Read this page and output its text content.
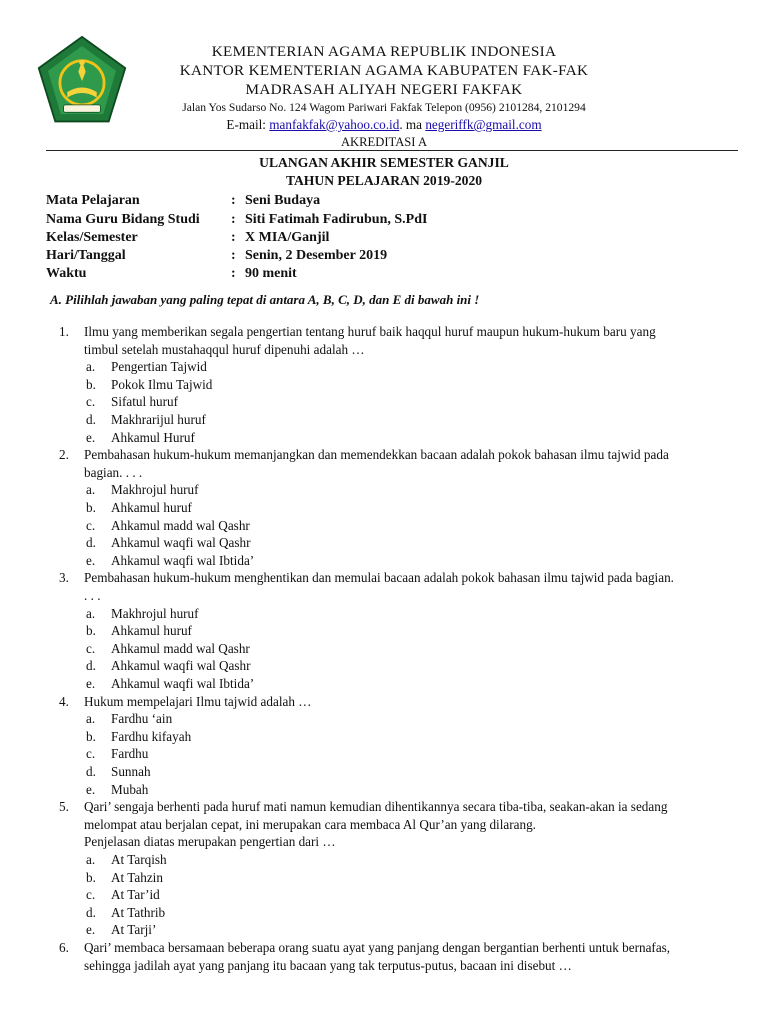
KEMENTERIAN AGAMA REPUBLIK INDONESIA
KANTOR KEMENTERIAN AGAMA KABUPATEN FAK-FAK
MADRASAH ALIYAH NEGERI FAKFAK
Jalan Yos Sudarso No. 124 Wagom Pariwari Fakfak Telepon (0956) 2101284, 2101294
E-mail: manfakfak@yahoo.co.id. ma negeriffk@gmail.com
AKREDITASI A
ULANGAN AKHIR SEMESTER GANJIL
TAHUN PELAJARAN 2019-2020
Mata Pelajaran	: Seni Budaya
Nama Guru Bidang Studi : Siti Fatimah Fadirubun, S.PdI
Kelas/Semester	: X MIA/Ganjil
Hari/Tanggal	: Senin, 2 Desember 2019
Waktu	: 90 menit
A. Pilihlah jawaban yang paling tepat di antara A, B, C, D, dan E di bawah ini !
1. Ilmu yang memberikan segala pengertian tentang huruf baik haqqul huruf maupun hukum-hukum baru yang
timbul setelah mustahaqqul huruf dipenuhi adalah …
a. Pengertian Tajwid
b. Pokok Ilmu Tajwid
c. Sifatul huruf
d. Makhrarijul huruf
e. Ahkamul Huruf
2. Pembahasan hukum-hukum memanjangkan dan memendekkan bacaan adalah pokok bahasan ilmu tajwid pada
bagian. . . .
a. Makhrojul huruf
b. Ahkamul huruf
c. Ahkamul madd wal Qashr
d. Ahkamul waqfi wal Qashr
e. Ahkamul waqfi wal Ibtida’
3. Pembahasan hukum-hukum menghentikan dan memulai bacaan adalah pokok bahasan ilmu tajwid pada bagian.
. . .
a. Makhrojul huruf
b. Ahkamul huruf
c. Ahkamul madd wal Qashr
d. Ahkamul waqfi wal Qashr
e. Ahkamul waqfi wal Ibtida’
4. Hukum mempelajari Ilmu tajwid adalah …
a. Fardhu ‘ain
b. Fardhu kifayah
c. Fardhu
d. Sunnah
e. Mubah
5. Qari’ sengaja berhenti pada huruf mati namun kemudian dihentikannya secara tiba-tiba, seakan-akan ia sedang
melompat atau berjalan cepat, ini merupakan cara membaca Al Qur’an yang dilarang.
Penjelasan diatas merupakan pengertian dari …
a. At Tarqish
b. At Tahzin
c. At Tar’id
d. At Tathrib
e. At Tarji’
6. Qari’ membaca bersamaan beberapa orang suatu ayat yang panjang dengan bergantian berhenti untuk bernafas,
sehingga jadilah ayat yang panjang itu bacaan yang tak terputus-putus, bacaan ini disebut …
